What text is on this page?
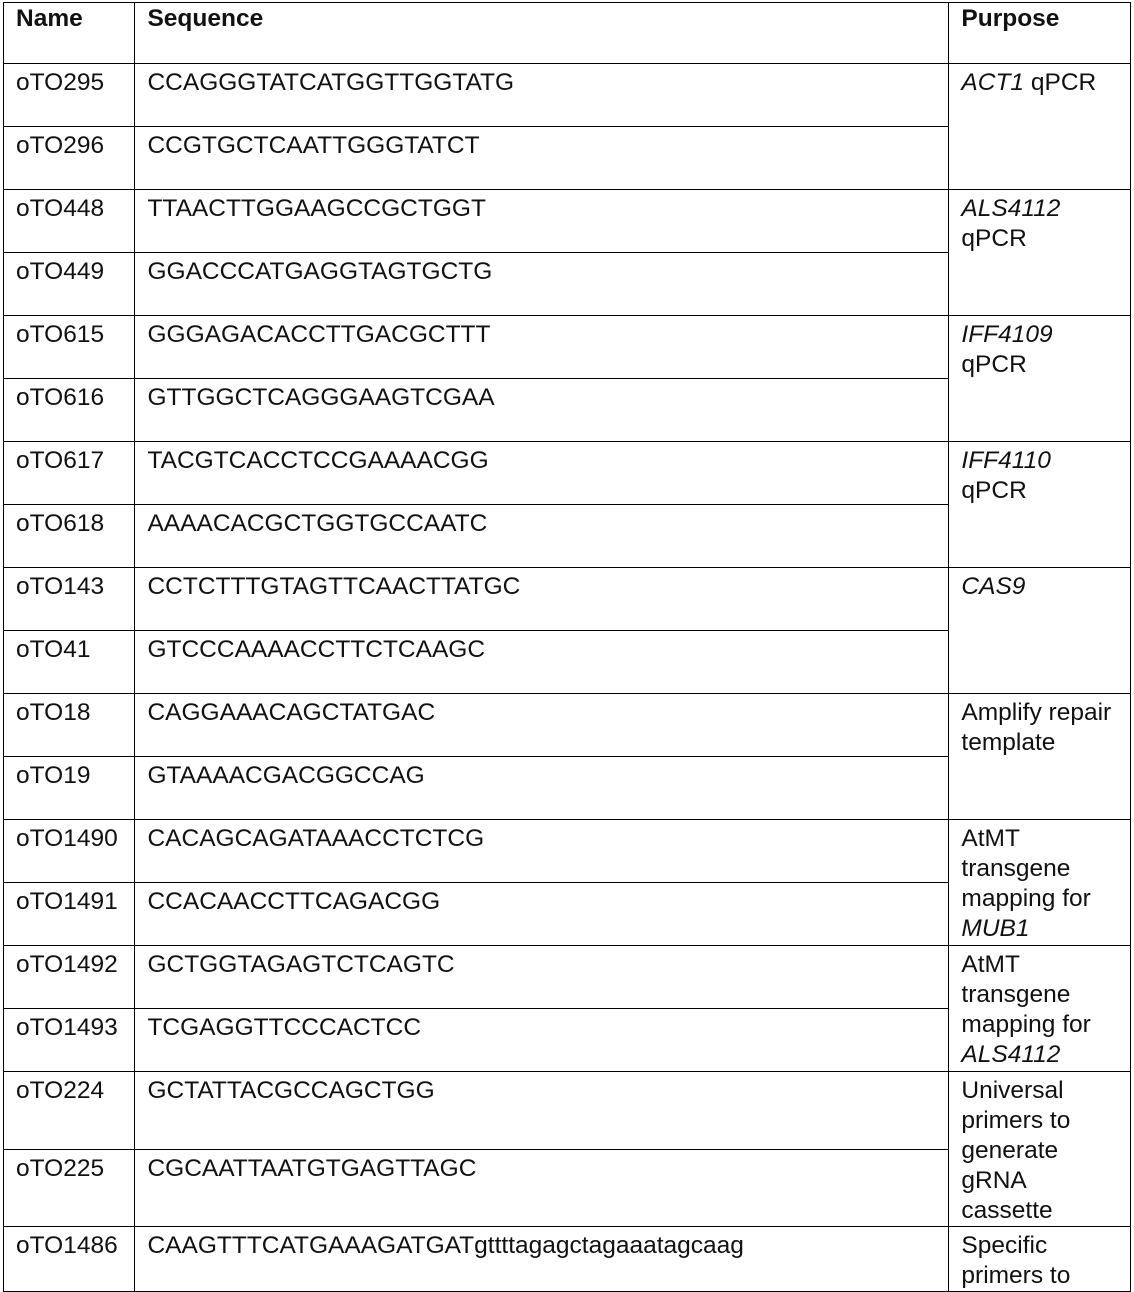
Name	Sequence	Purpose
oTO295	CCAGGGTATCATGGTTGGTATG	ACT1 qPCR
oTO296	CCGTGCTCAATTGGGTATCT	
oTO448	TTAACTTGGAAGCCGCTGGT	ALS4112 qPCR
oTO449	GGACCCATGAGGTAGTGCTG	
oTO615	GGGAGACACCTTGACGCTTT	IFF4109 qPCR
oTO616	GTTGGCTCAGGGAAGTCGAA	
oTO617	TACGTCACCTCCGAAAACGG	IFF4110 qPCR
oTO618	AAAACACGCTGGTGCCAATC	
oTO143	CCTCTTTGTAGTTCAACTTATGC	CAS9
oTO41	GTCCCAAAACCTTCTCAAGC	
oTO18	CAGGAAACAGCTATGAC	Amplify repair template
oTO19	GTAAAACGACGGCCAG	
oTO1490	CACAGCAGATAAACCTCTCG	AtMT transgene mapping for MUB1
oTO1491	CCACAACCTTCAGACGG	
oTO1492	GCTGGTAGAGTCTCAGTC	AtMT transgene mapping for ALS4112
oTO1493	TCGAGGTTCCCACTCC	
oTO224	GCTATTACGCCAGCTGG	Universal primers to generate gRNA cassette
oTO225	CGCAATTAATGTGAGTTAGC	
oTO1486	CAAGTTTCATGAAAGATGATgttttagagctagaaatagcaag	Specific primers to
